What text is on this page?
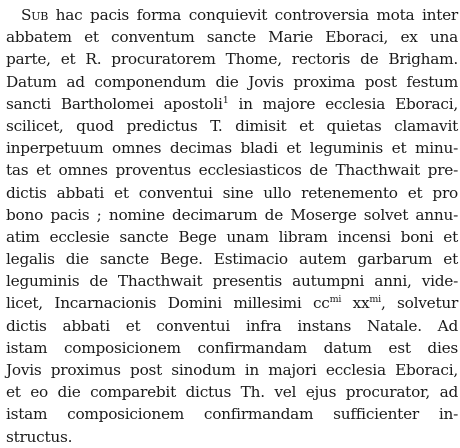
Sub hac pacis forma conquievit controversia mota inter
abbatem et conventum sancte Marie Eboraci, ex una
parte, et R. procuratorem Thome, rectoris de Brigham.
Datum ad componendum die Jovis proxima post festum
sancti Bartholomei apostoli$^1$ in majore ecclesia Eboraci,
scilicet, quod predictus T. dimisit et quietas clamavit
inperpetuum omnes decimas bladi et leguminis et minu-
tas et omnes proventus ecclesiasticos de Thacthwait pre-
dictis abbati et conventui sine ullo retenemento et pro
bono pacis ; nomine decimarum de Moserge solvet annu-
atim ecclesie sancte Bege unam libram incensi boni et
legalis die sancte Bege. Estimacio autem garbarum et
leguminis de Thacthwait presentis autumpni anni, vide-
licet, Incarnacionis Domini millesimi $cc^{mi}$ $xx^{mi}$, solvetur
dictis abbati et conventui infra instans Natale. Ad
istam composicionem confirmandam datum est dies
Jovis proximus post sinodum in majori ecclesia Eboraci,
et eo die comparebit dictus Th. vel ejus procurator, ad
istam composicionem confirmandam sufficienter in-
structus.
